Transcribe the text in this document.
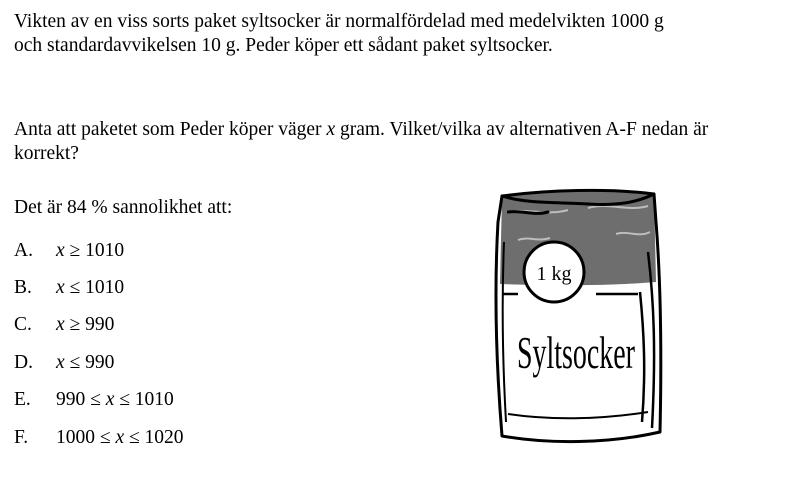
Vikten av en viss sorts paket syltsocker är normalfördelad med medelvikten 1000 g och standardavvikelsen 10 g. Peder köper ett sådant paket syltsocker.

Anta att paketet som Peder köper väger x gram. Vilket/vilka av alternativen A-F nedan är korrekt?

Det är 84 % sannolikhet att:

A.	x ≥ 1010
B.	x ≤ 1010
C.	x ≥ 990
D.	x ≤ 990
E.	990 ≤ x ≤ 1010
F.	1000 ≤ x ≤ 1020
1 kg
Syltsocker
